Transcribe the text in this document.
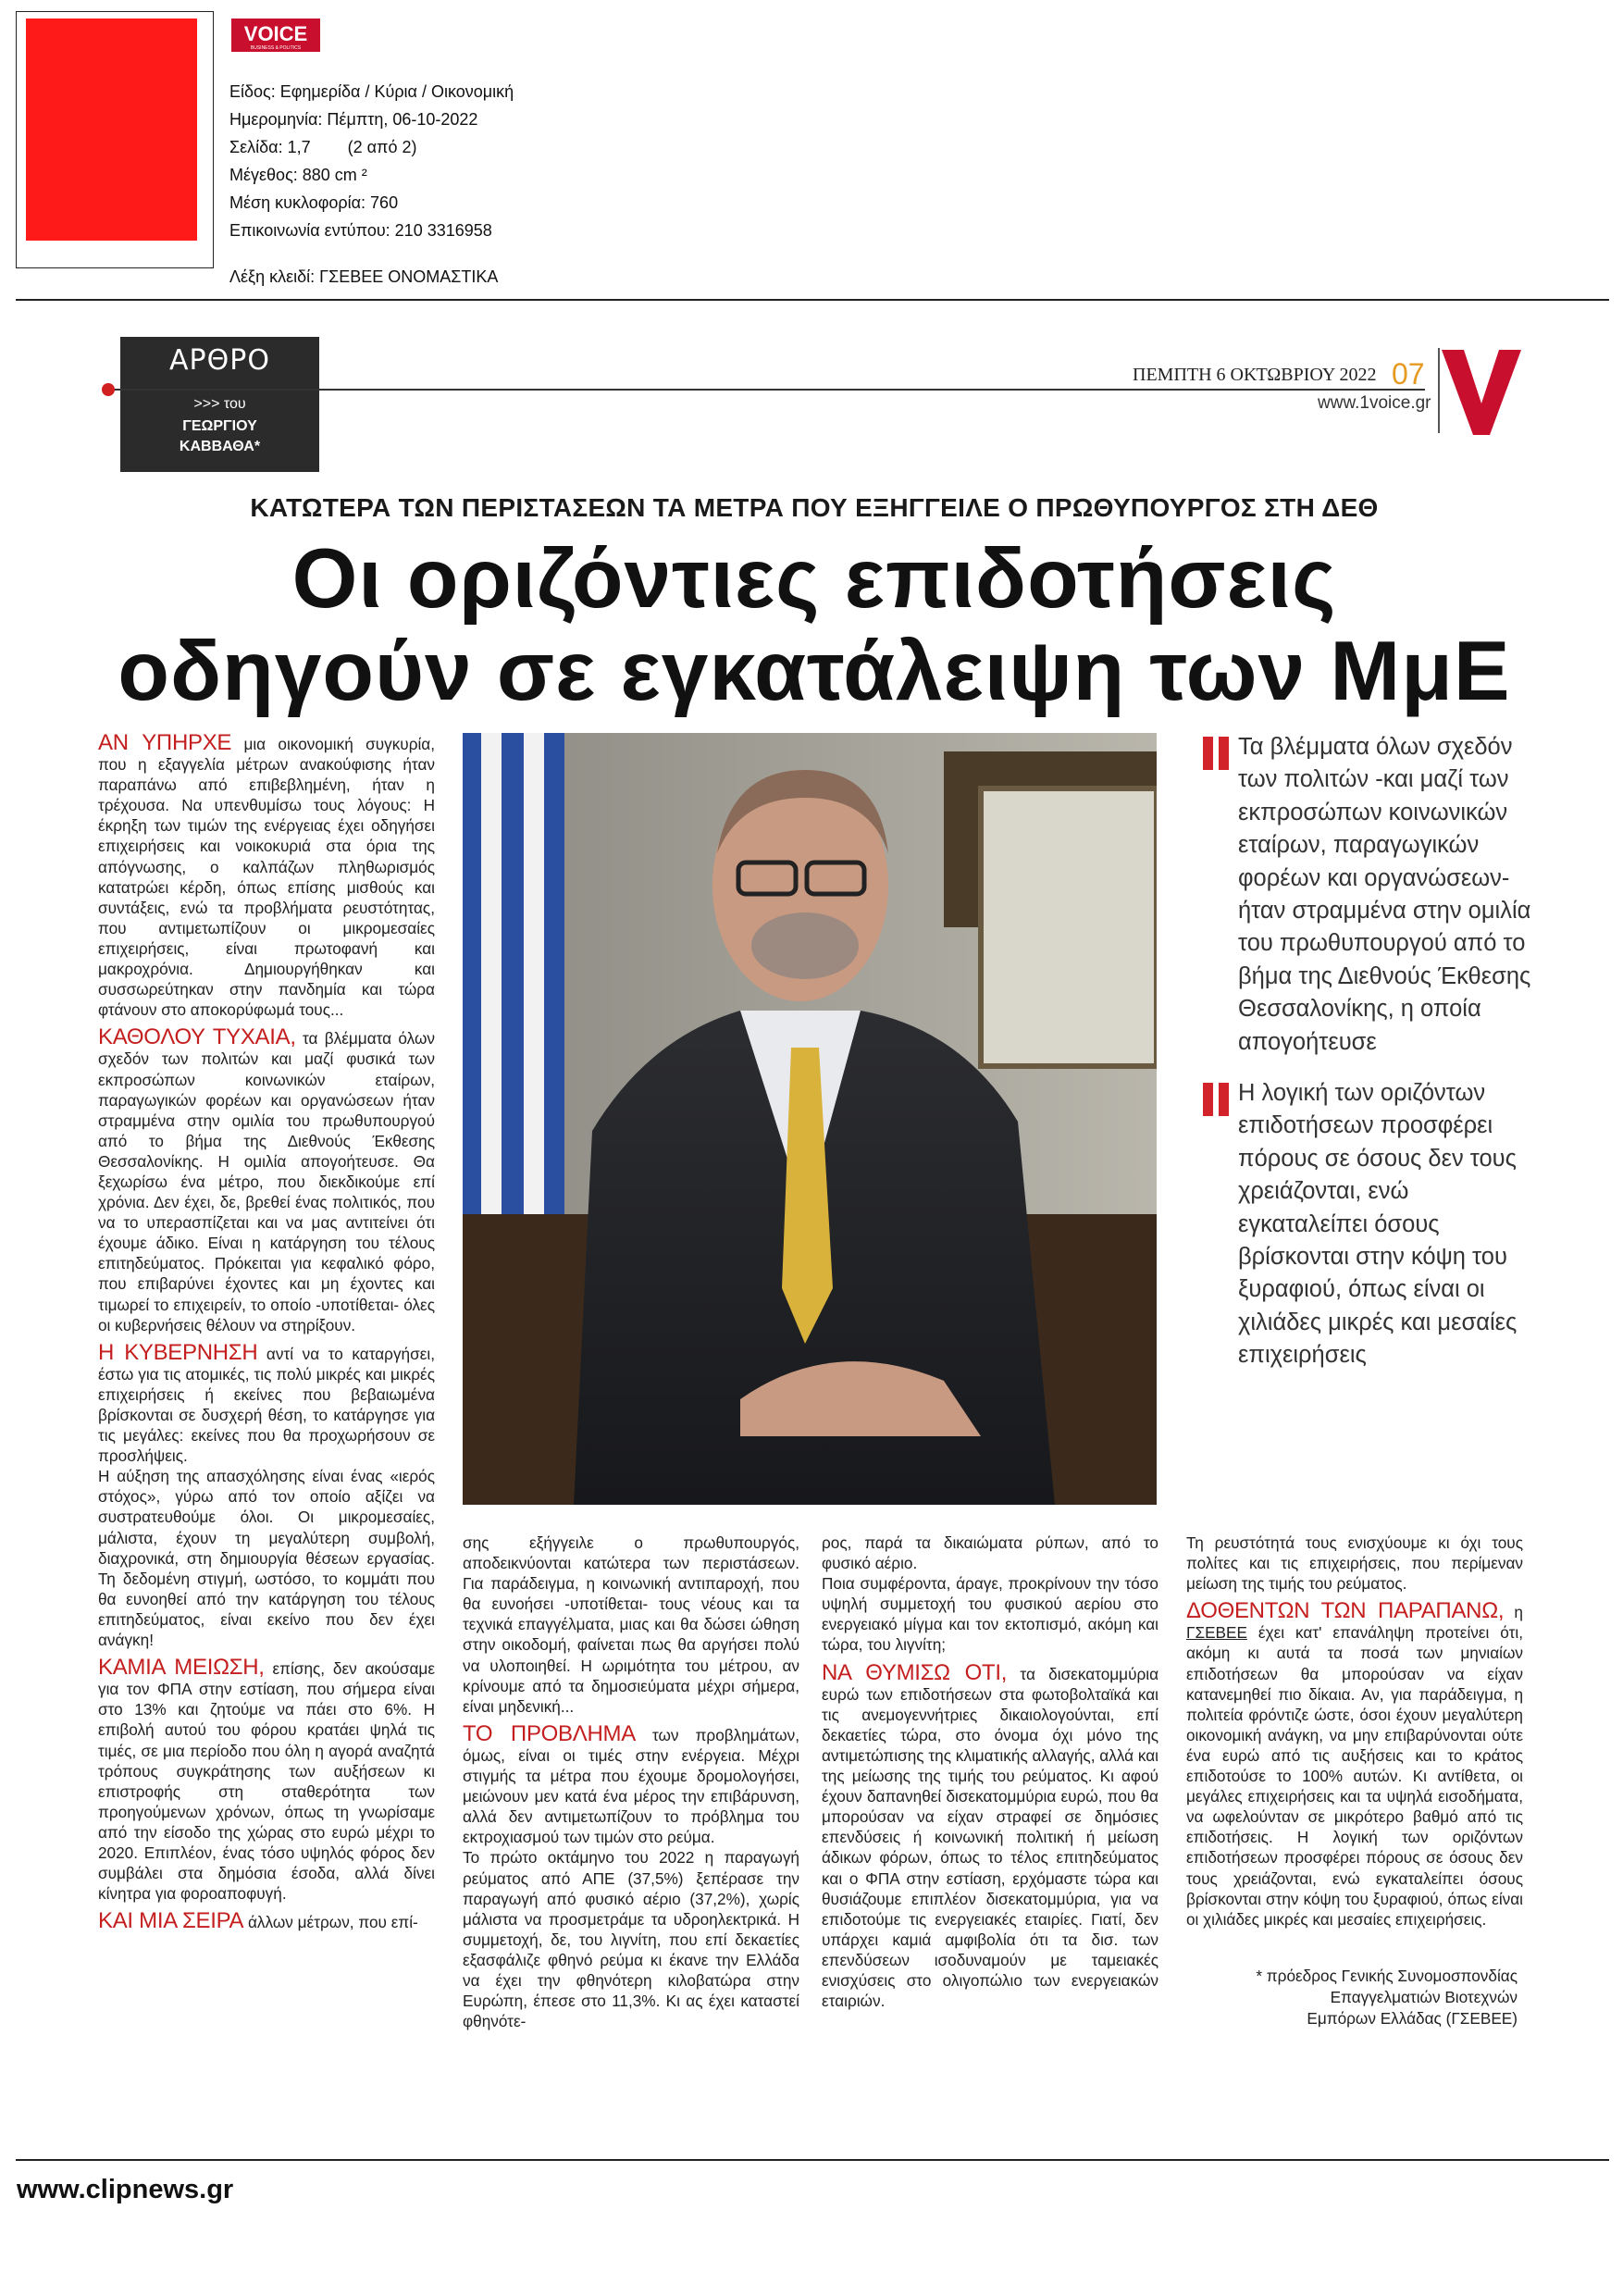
VOICE
BUSINESS & POLITICS
Είδος: Εφημερίδα / Κύρια / Οικονομική
Ημερομηνία: Πέμπτη, 06-10-2022
Σελίδα: 1,7        (2 από 2)
Μέγεθος: 880 cm ²
Μέση κυκλοφορία: 760
Επικοινωνία εντύπου: 210 3316958
Λέξη κλειδί: ΓΣΕΒΕΕ ΟΝΟΜΑΣΤΙΚΑ
ΑΡΘΡΟ
>>> του
ΓΕΩΡΓΙΟΥ
ΚΑΒΒΑΘΑ*
ΠΕΜΠΤΗ 6 ΟΚΤΩΒΡΙΟΥ 2022 07
www.1voice.gr
ΚΑΤΩΤΕΡΑ ΤΩΝ ΠΕΡΙΣΤΑΣΕΩΝ ΤΑ ΜΕΤΡΑ ΠΟΥ ΕΞΗΓΓΕΙΛΕ Ο ΠΡΩΘΥΠΟΥΡΓΟΣ ΣΤΗ ΔΕΘ
Οι οριζόντιες επιδοτήσεις
οδηγούν σε εγκατάλειψη των ΜμΕ

Τα βλέμματα όλων σχεδόν των πολιτών -και μαζί των εκπροσώπων κοινωνικών εταίρων, παραγωγικών φορέων και οργανώσεων- ήταν στραμμένα στην ομιλία του πρωθυπουργού από το βήμα της Διεθνούς Έκθεσης Θεσσαλονίκης, η οποία απογοήτευσε

Η λογική των οριζόντων επιδοτήσεων προσφέρει πόρους σε όσους δεν τους χρειάζονται, ενώ εγκαταλείπει όσους βρίσκονται στην κόψη του ξυραφιού, όπως είναι οι χιλιάδες μικρές και μεσαίες επιχειρήσεις

ΑΝ ΥΠΗΡΧΕ μια οικονομική συγκυρία, που η εξαγγελία μέτρων ανακούφισης ήταν παραπάνω από επιβεβλημένη, ήταν η τρέχουσα. Να υπενθυμίσω τους λόγους: Η έκρηξη των τιμών της ενέργειας έχει οδηγήσει επιχειρήσεις και νοικοκυριά στα όρια της απόγνωσης, ο καλπάζων πληθωρισμός κατατρώει κέρδη, όπως επίσης μισθούς και συντάξεις, ενώ τα προβλήματα ρευστότητας, που αντιμετωπίζουν οι μικρομεσαίες επιχειρήσεις, είναι πρωτοφανή και μακροχρόνια. Δημιουργήθηκαν και συσσωρεύτηκαν στην πανδημία και τώρα φτάνουν στο αποκορύφωμά τους...

ΚΑΘΟΛΟΥ ΤΥΧΑΙΑ, τα βλέμματα όλων σχεδόν των πολιτών και μαζί φυσικά των εκπροσώπων κοινωνικών εταίρων, παραγωγικών φορέων και οργανώσεων ήταν στραμμένα στην ομιλία του πρωθυπουργού από το βήμα της Διεθνούς Έκθεσης Θεσσαλονίκης. Η ομιλία απογοήτευσε. Θα ξεχωρίσω ένα μέτρο, που διεκδικούμε επί χρόνια. Δεν έχει, δε, βρεθεί ένας πολιτικός, που να το υπερασπίζεται και να μας αντιτείνει ότι έχουμε άδικο. Είναι η κατάργηση του τέλους επιτηδεύματος. Πρόκειται για κεφαλικό φόρο, που επιβαρύνει έχοντες και μη έχοντες και τιμωρεί το επιχειρείν, το οποίο -υποτίθεται- όλες οι κυβερνήσεις θέλουν να στηρίξουν.

Η ΚΥΒΕΡΝΗΣΗ αντί να το καταργήσει, έστω για τις ατομικές, τις πολύ μικρές και μικρές επιχειρήσεις ή εκείνες που βεβαιωμένα βρίσκονται σε δυσχερή θέση, το κατάργησε για τις μεγάλες: εκείνες που θα προχωρήσουν σε προσλήψεις.

Η αύξηση της απασχόλησης είναι ένας «ιερός στόχος», γύρω από τον οποίο αξίζει να συστρατευθούμε όλοι. Οι μικρομεσαίες, μάλιστα, έχουν τη μεγαλύτερη συμβολή, διαχρονικά, στη δημιουργία θέσεων εργασίας. Τη δεδομένη στιγμή, ωστόσο, το κομμάτι που θα ευνοηθεί από την κατάργηση του τέλους επιτηδεύματος, είναι εκείνο που δεν έχει ανάγκη!

ΚΑΜΙΑ ΜΕΙΩΣΗ, επίσης, δεν ακούσαμε για τον ΦΠΑ στην εστίαση, που σήμερα είναι στο 13% και ζητούμε να πάει στο 6%. Η επιβολή αυτού του φόρου κρατάει ψηλά τις τιμές, σε μια περίοδο που όλη η αγορά αναζητά τρόπους συγκράτησης των αυξήσεων κι επιστροφής στη σταθερότητα των προηγούμενων χρόνων, όπως τη γνωρίσαμε από την είσοδο της χώρας στο ευρώ μέχρι το 2020. Επιπλέον, ένας τόσο υψηλός φόρος δεν συμβάλει στα δημόσια έσοδα, αλλά δίνει κίνητρα για φοροαποφυγή.

ΚΑΙ ΜΙΑ ΣΕΙΡΑ άλλων μέτρων, που επί-

σης εξήγγειλε ο πρωθυπουργός, αποδεικνύονται κατώτερα των περιστάσεων. Για παράδειγμα, η κοινωνική αντιπαροχή, που θα ευνοήσει -υποτίθεται- τους νέους και τα τεχνικά επαγγέλματα, μιας και θα δώσει ώθηση στην οικοδομή, φαίνεται πως θα αργήσει πολύ να υλοποιηθεί. Η ωριμότητα του μέτρου, αν κρίνουμε από τα δημοσιεύματα μέχρι σήμερα, είναι μηδενική...

ΤΟ ΠΡΟΒΛΗΜΑ των προβλημάτων, όμως, είναι οι τιμές στην ενέργεια. Μέχρι στιγμής τα μέτρα που έχουμε δρομολογήσει, μειώνουν μεν κατά ένα μέρος την επιβάρυνση, αλλά δεν αντιμετωπίζουν το πρόβλημα του εκτροχιασμού των τιμών στο ρεύμα.

Το πρώτο οκτάμηνο του 2022 η παραγωγή ρεύματος από ΑΠΕ (37,5%) ξεπέρασε την παραγωγή από φυσικό αέριο (37,2%), χωρίς μάλιστα να προσμετράμε τα υδροηλεκτρικά. Η συμμετοχή, δε, του λιγνίτη, που επί δεκαετίες εξασφάλιζε φθηνό ρεύμα κι έκανε την Ελλάδα να έχει την φθηνότερη κιλοβατώρα στην Ευρώπη, έπεσε στο 11,3%. Κι ας έχει καταστεί φθηνότε-

ρος, παρά τα δικαιώματα ρύπων, από το φυσικό αέριο.

Ποια συμφέροντα, άραγε, προκρίνουν την τόσο υψηλή συμμετοχή του φυσικού αερίου στο ενεργειακό μίγμα και τον εκτοπισμό, ακόμη και τώρα, του λιγνίτη;

ΝΑ ΘΥΜΙΣΩ ΟΤΙ, τα δισεκατομμύρια ευρώ των επιδοτήσεων στα φωτοβολταϊκά και τις ανεμογεννήτριες δικαιολογούνται, επί δεκαετίες τώρα, στο όνομα όχι μόνο της αντιμετώπισης της κλιματικής αλλαγής, αλλά και της μείωσης της τιμής του ρεύματος. Κι αφού έχουν δαπανηθεί δισεκατομμύρια ευρώ, που θα μπορούσαν να είχαν στραφεί σε δημόσιες επενδύσεις ή κοινωνική πολιτική ή μείωση άδικων φόρων, όπως το τέλος επιτηδεύματος και ο ΦΠΑ στην εστίαση, ερχόμαστε τώρα και θυσιάζουμε επιπλέον δισεκατομμύρια, για να επιδοτούμε τις ενεργειακές εταιρίες. Γιατί, δεν υπάρχει καμιά αμφιβολία ότι τα δισ. των επενδύσεων ισοδυναμούν με ταμειακές ενισχύσεις στο ολιγοπώλιο των ενεργειακών εταιριών.

Τη ρευστότητά τους ενισχύουμε κι όχι τους πολίτες και τις επιχειρήσεις, που περίμεναν μείωση της τιμής του ρεύματος.

ΔΟΘΕΝΤΩΝ ΤΩΝ ΠΑΡΑΠΑΝΩ, η ΓΣΕΒΕΕ έχει κατ' επανάληψη προτείνει ότι, ακόμη κι αυτά τα ποσά των μηνιαίων επιδοτήσεων θα μπορούσαν να είχαν κατανεμηθεί πιο δίκαια. Αν, για παράδειγμα, η πολιτεία φρόντιζε ώστε, όσοι έχουν μεγαλύτερη οικονομική ανάγκη, να μην επιβαρύνονται ούτε ένα ευρώ από τις αυξήσεις και το κράτος επιδοτούσε το 100% αυτών. Κι αντίθετα, οι μεγάλες επιχειρήσεις και τα υψηλά εισοδήματα, να ωφελούνταν σε μικρότερο βαθμό από τις επιδοτήσεις. Η λογική των οριζόντων επιδοτήσεων προσφέρει πόρους σε όσους δεν τους χρειάζονται, ενώ εγκαταλείπει όσους βρίσκονται στην κόψη του ξυραφιού, όπως είναι οι χιλιάδες μικρές και μεσαίες επιχειρήσεις.

* πρόεδρος Γενικής Συνομοσπονδίας
Επαγγελματιών Βιοτεχνών
Εμπόρων Ελλάδας (ΓΣΕΒΕΕ)
www.clipnews.gr
